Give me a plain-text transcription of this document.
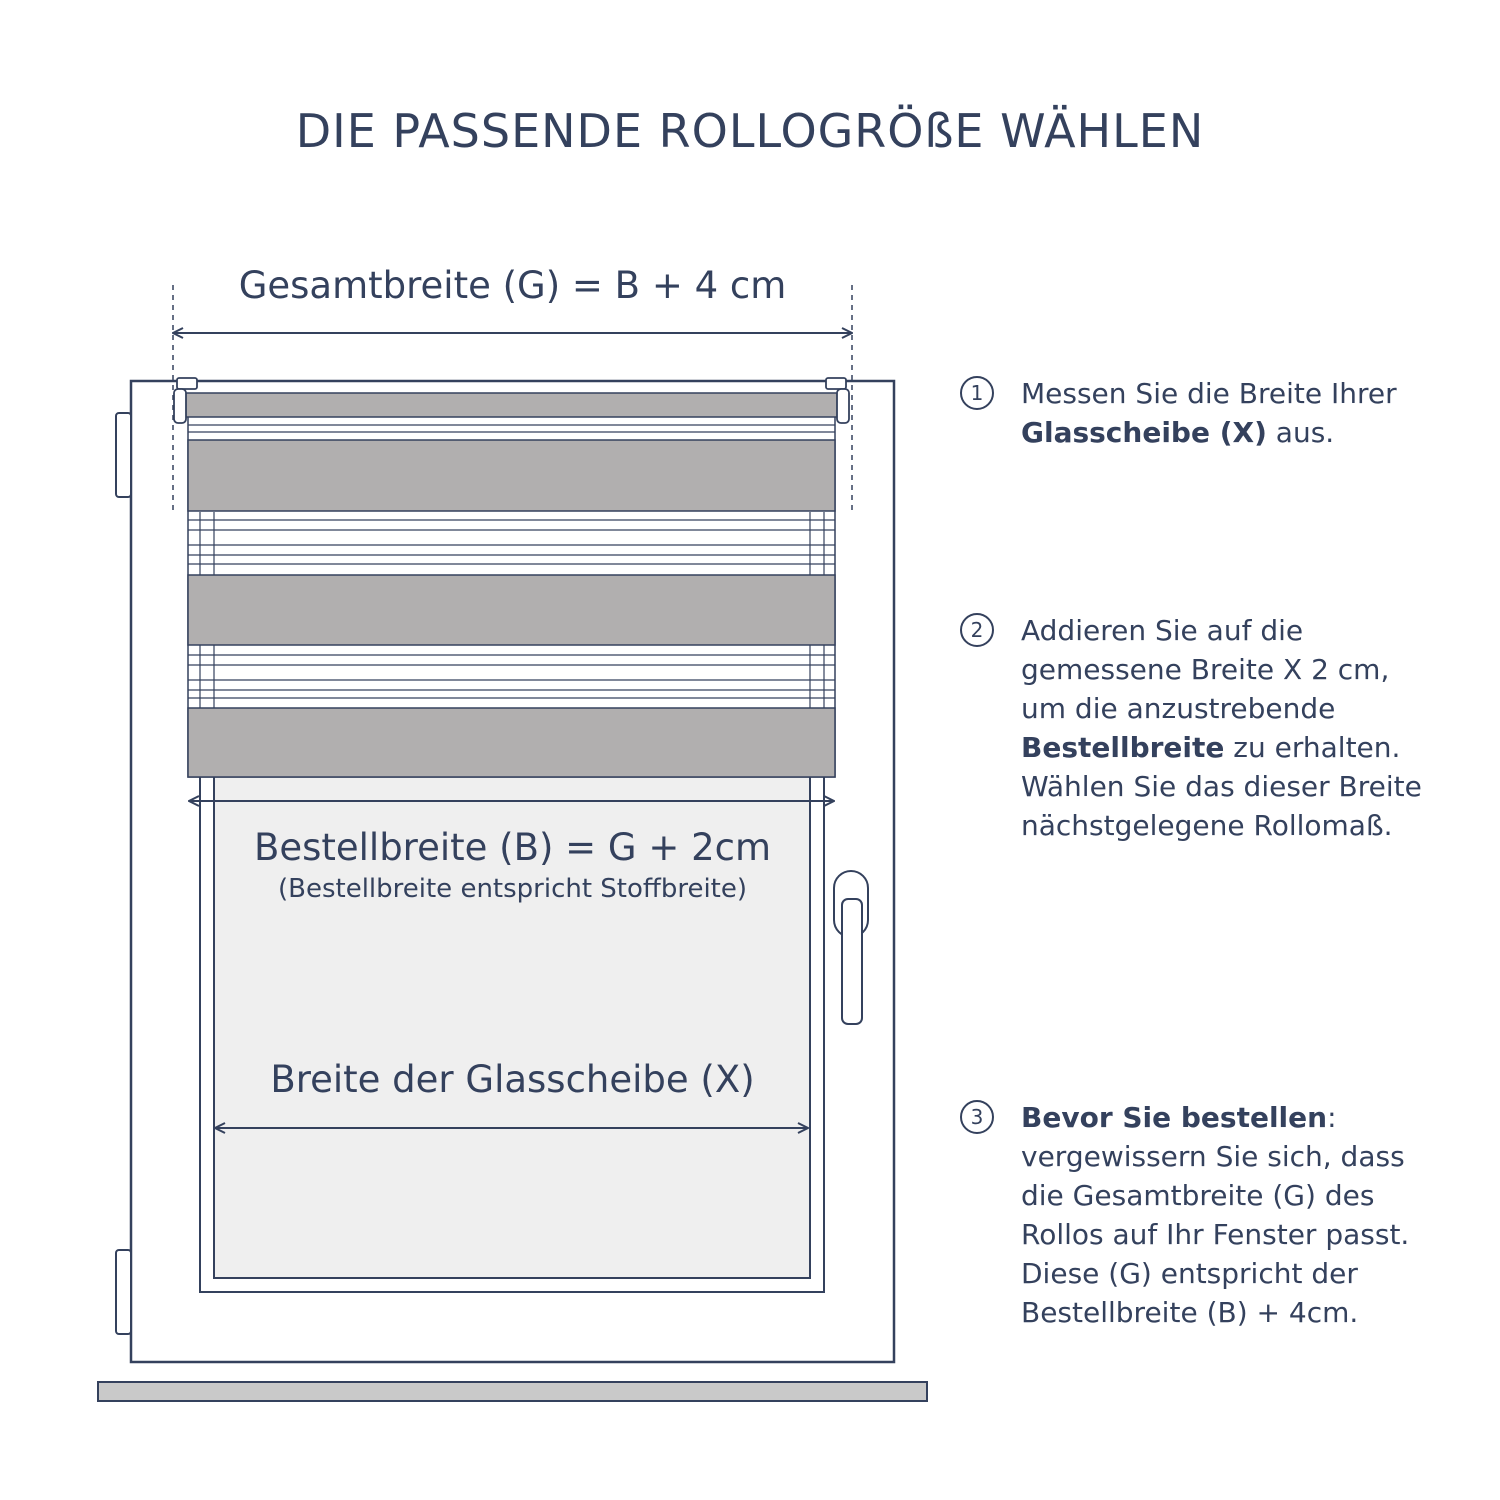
DIE PASSENDE ROLLOGRÖßE WÄHLEN
Gesamtbreite (G) = B + 4 cm
Bestellbreite (B) = G + 2cm
(Bestellbreite entspricht Stoffbreite)
Breite der Glasscheibe (X)
1	Messen Sie die Breite Ihrer Glasscheibe (X) aus.
2	Addieren Sie auf die gemessene Breite X 2 cm, um die anzustrebende Bestellbreite zu erhalten. Wählen Sie das dieser Breite nächstgelegene Rollomaß.
3	Bevor Sie bestellen: vergewissern Sie sich, dass die Gesamtbreite (G) des Rollos auf Ihr Fenster passt. Diese (G) entspricht der Bestellbreite (B) + 4cm.
